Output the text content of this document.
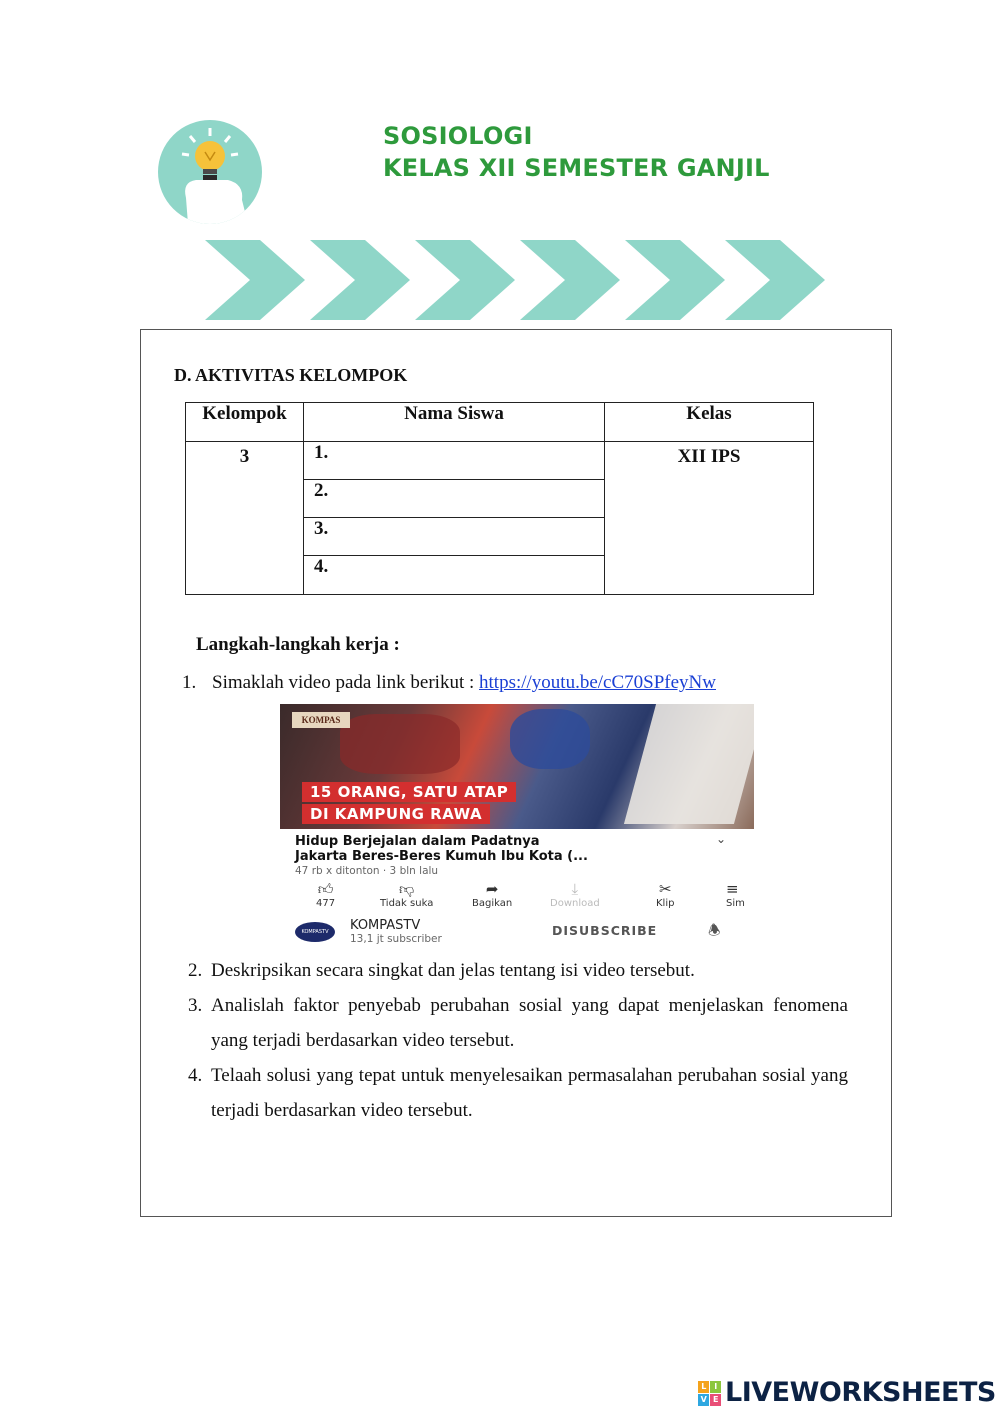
SOSIOLOGI
KELAS XII SEMESTER GANJIL
D. AKTIVITAS KELOMPOK
Kelompok	Nama Siswa	Kelas
3	1.	XII IPS
	2.	
	3.	
	4.	
Langkah-langkah kerja :
1. Simaklah video pada link berikut : https://youtu.be/cC70SPfeyNw
KOMPAS
15 ORANG, SATU ATAP
DI KAMPUNG RAWA
Hidup Berjejalan dalam Padatnya
Jakarta Beres-Beres Kumuh Ibu Kota (...
⌄
47 rb x ditonton · 3 bln lalu
👍︎
477
👎︎
Tidak suka
➦
Bagikan
⤓
Download
✂
Klip
≡
Sim
KOMPASTV	KOMPASTV
13,1 jt subscriber
DISUBSCRIBE	🕭︎
2. Deskripsikan secara singkat dan jelas tentang isi video tersebut.
3. Analislah faktor penyebab perubahan sosial yang dapat menjelaskan fenomena yang terjadi berdasarkan video tersebut.
4. Telaah solusi yang tepat untuk menyelesaikan permasalahan perubahan sosial yang terjadi berdasarkan video tersebut.
L	I
V E LIVEWORKSHEETS
